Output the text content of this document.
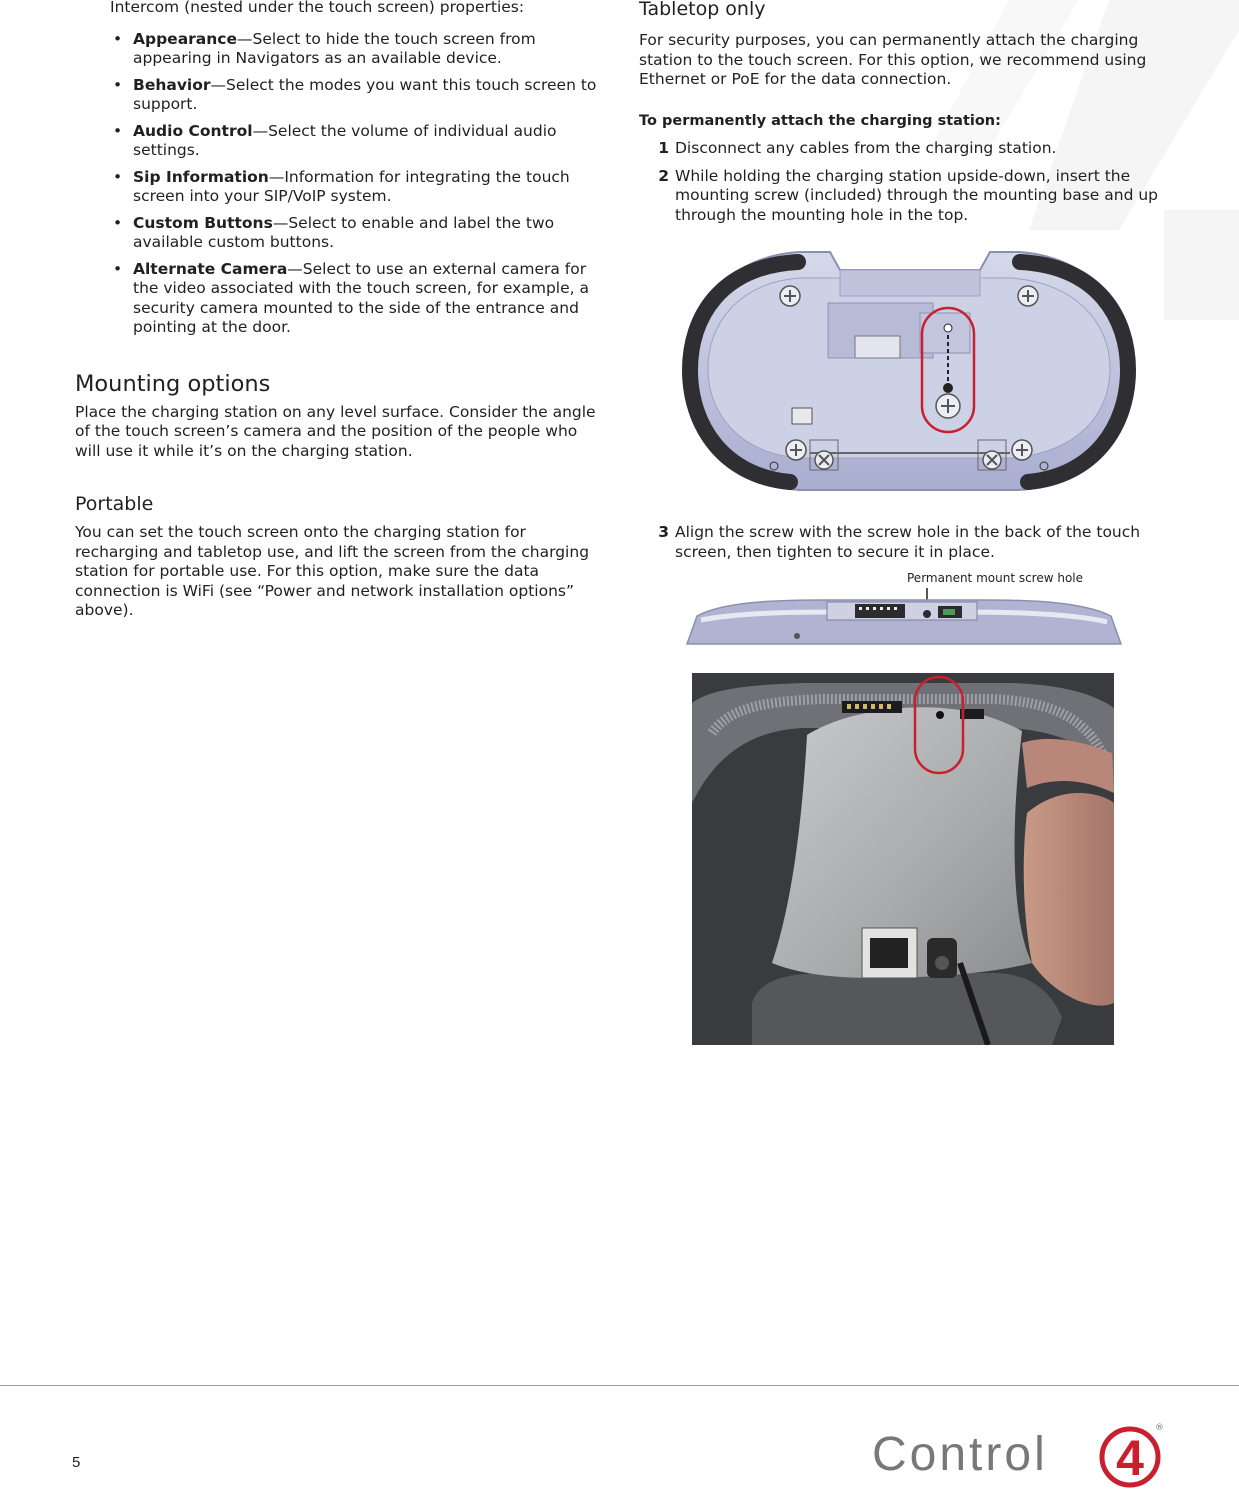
Intercom (nested under the touch screen) properties:

• Appearance—Select to hide the touch screen from appearing in Navigators as an available device.
• Behavior—Select the modes you want this touch screen to support.
• Audio Control—Select the volume of individual audio settings.
• Sip Information—Information for integrating the touch screen into your SIP/VoIP system.
• Custom Buttons—Select to enable and label the two available custom buttons.
• Alternate Camera—Select to use an external camera for the video associated with the touch screen, for example, a security camera mounted to the side of the entrance and pointing at the door.
Mounting options

Place the charging station on any level surface. Consider the angle of the touch screen’s camera and the position of the people who will use it while it’s on the charging station.

Portable

You can set the touch screen onto the charging station for recharging and tabletop use, and lift the screen from the charging station for portable use. For this option, make sure the data connection is WiFi (see “Power and network installation options” above).

Tabletop only

For security purposes, you can permanently attach the charging station to the touch screen. For this option, we recommend using Ethernet or PoE for the data connection.

To permanently attach the charging station:

1 Disconnect any cables from the charging station.
2 While holding the charging station upside-down, insert the mounting screw (included) through the mounting base and up through the mounting hole in the top.
3 Align the screw with the screw hole in the back of the touch screen, then tighten to secure it in place.
Permanent mount screw hole
5	Control 4
®
